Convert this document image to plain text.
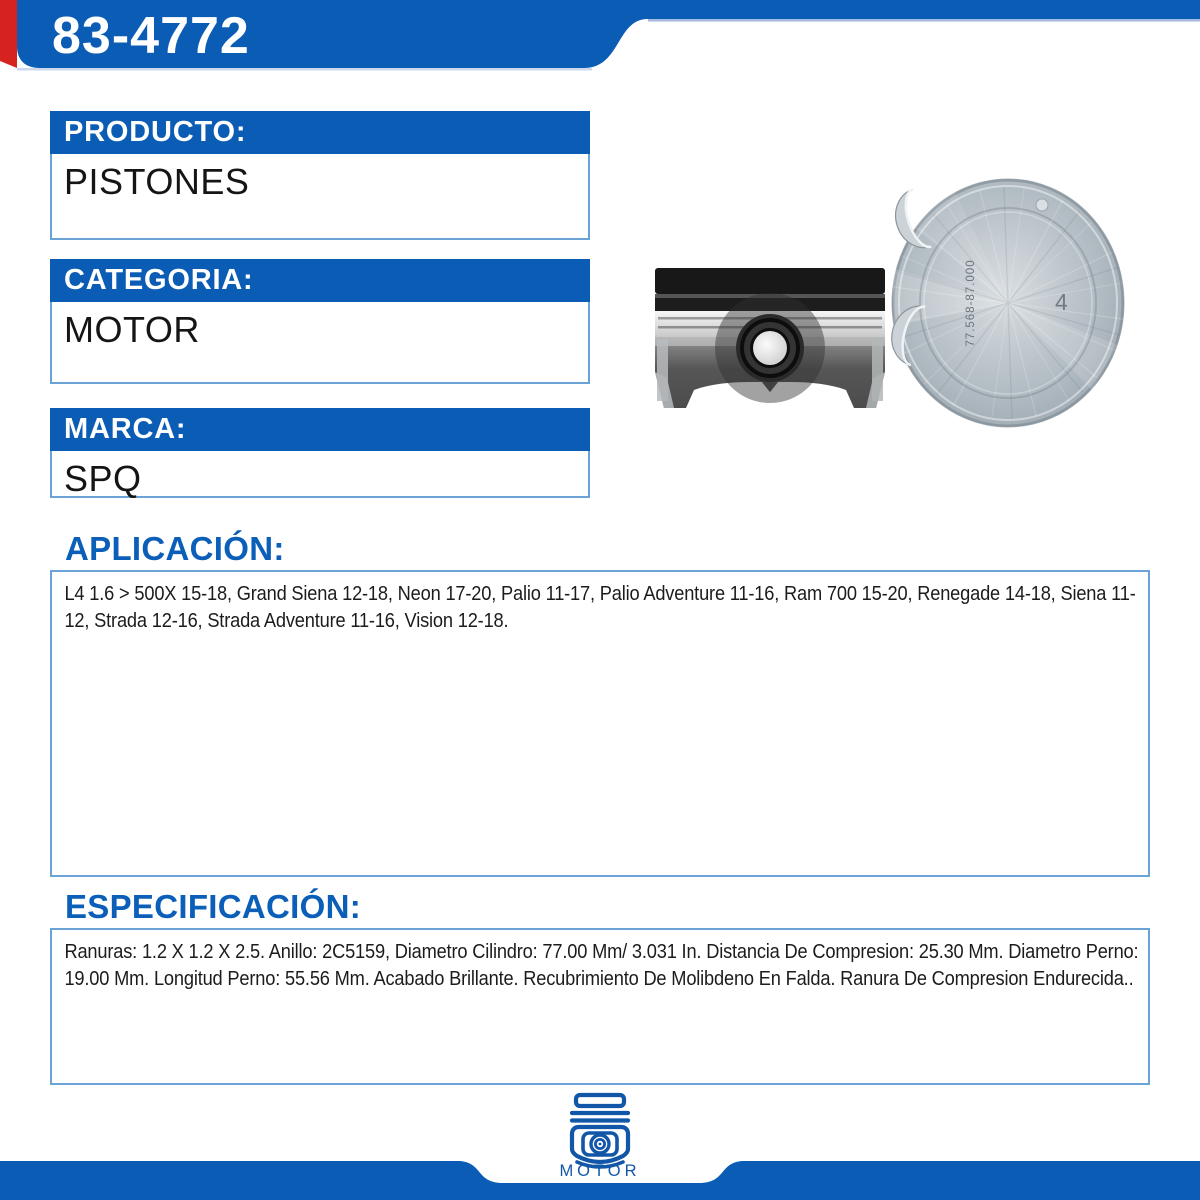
83-4772
PRODUCTO:
PISTONES
CATEGORIA:
MOTOR
MARCA:
SPQ
77.568-87.000	4
APLICACIÓN:
L4 1.6 > 500X 15-18, Grand Siena 12-18, Neon 17-20, Palio 11-17, Palio Adventure 11-16, Ram 700 15-20, Renegade 14-18, Siena 11-12, Strada 12-16, Strada Adventure 11-16, Vision 12-18.
ESPECIFICACIÓN:
Ranuras: 1.2 X 1.2 X 2.5. Anillo: 2C5159, Diametro Cilindro: 77.00 Mm/ 3.031 In. Distancia De Compresion: 25.30 Mm. Diametro Perno: 19.00 Mm. Longitud Perno: 55.56 Mm. Acabado Brillante. Recubrimiento De Molibdeno En Falda. Ranura De Compresion Endurecida..
MOTOR
